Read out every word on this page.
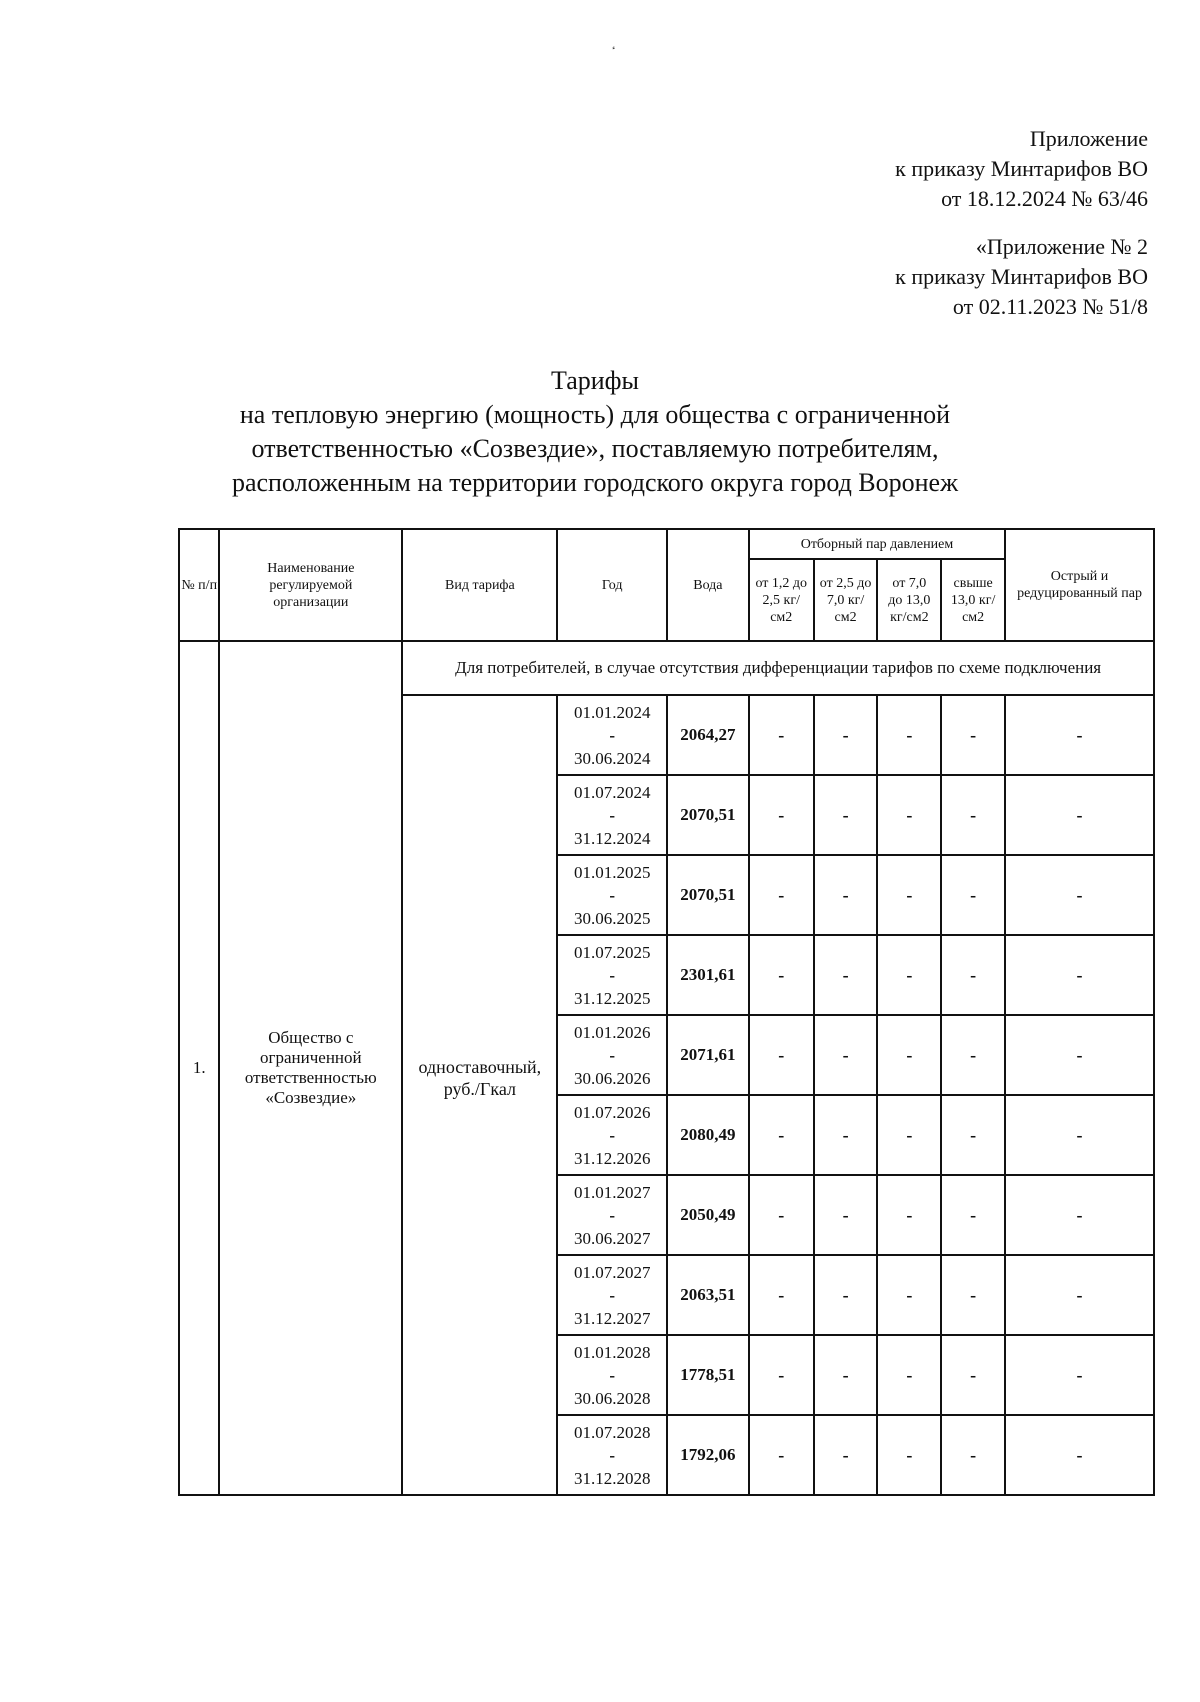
Приложение
к приказу Минтарифов ВО
от 18.12.2024 № 63/46
«Приложение № 2
к приказу Минтарифов ВО
от 02.11.2023 № 51/8
Тарифы
на тепловую энергию (мощность) для общества с ограниченной
ответственностью «Созвездие», поставляемую потребителям,
расположенным на территории городского округа город Воронеж
№ п/п	Наименование регулируемой организации	Вид тарифа	Год	Вода	Отборный пар давлением				Острый и редуцированный пар
					от 1,2 до 2,5 кг/см2	от 2,5 до 7,0 кг/см2	от 7,0 до 13,0 кг/см2	свыше 13,0 кг/см2	
1.	Общество с ограниченной ответственностью «Созвездие»	Для потребителей, в случае отсутствия дифференциации тарифов по схеме подключения							
		одноставочный, руб./Гкал	01.01.2024
-
30.06.2024	2064,27	-	-	-	-	-

			01.07.2024
-
31.12.2024	2070,51	-	-	-	-	-

			01.01.2025
-
30.06.2025	2070,51	-	-	-	-	-

			01.07.2025
-
31.12.2025	2301,61	-	-	-	-	-

			01.01.2026
-
30.06.2026	2071,61	-	-	-	-	-

			01.07.2026
-
31.12.2026	2080,49	-	-	-	-	-

			01.01.2027
-
30.06.2027	2050,49	-	-	-	-	-

			01.07.2027
-
31.12.2027	2063,51	-	-	-	-	-

			01.01.2028
-
30.06.2028	1778,51	-	-	-	-	-

			01.07.2028
-
31.12.2028	1792,06	-	-	-	-	-
ٴ
